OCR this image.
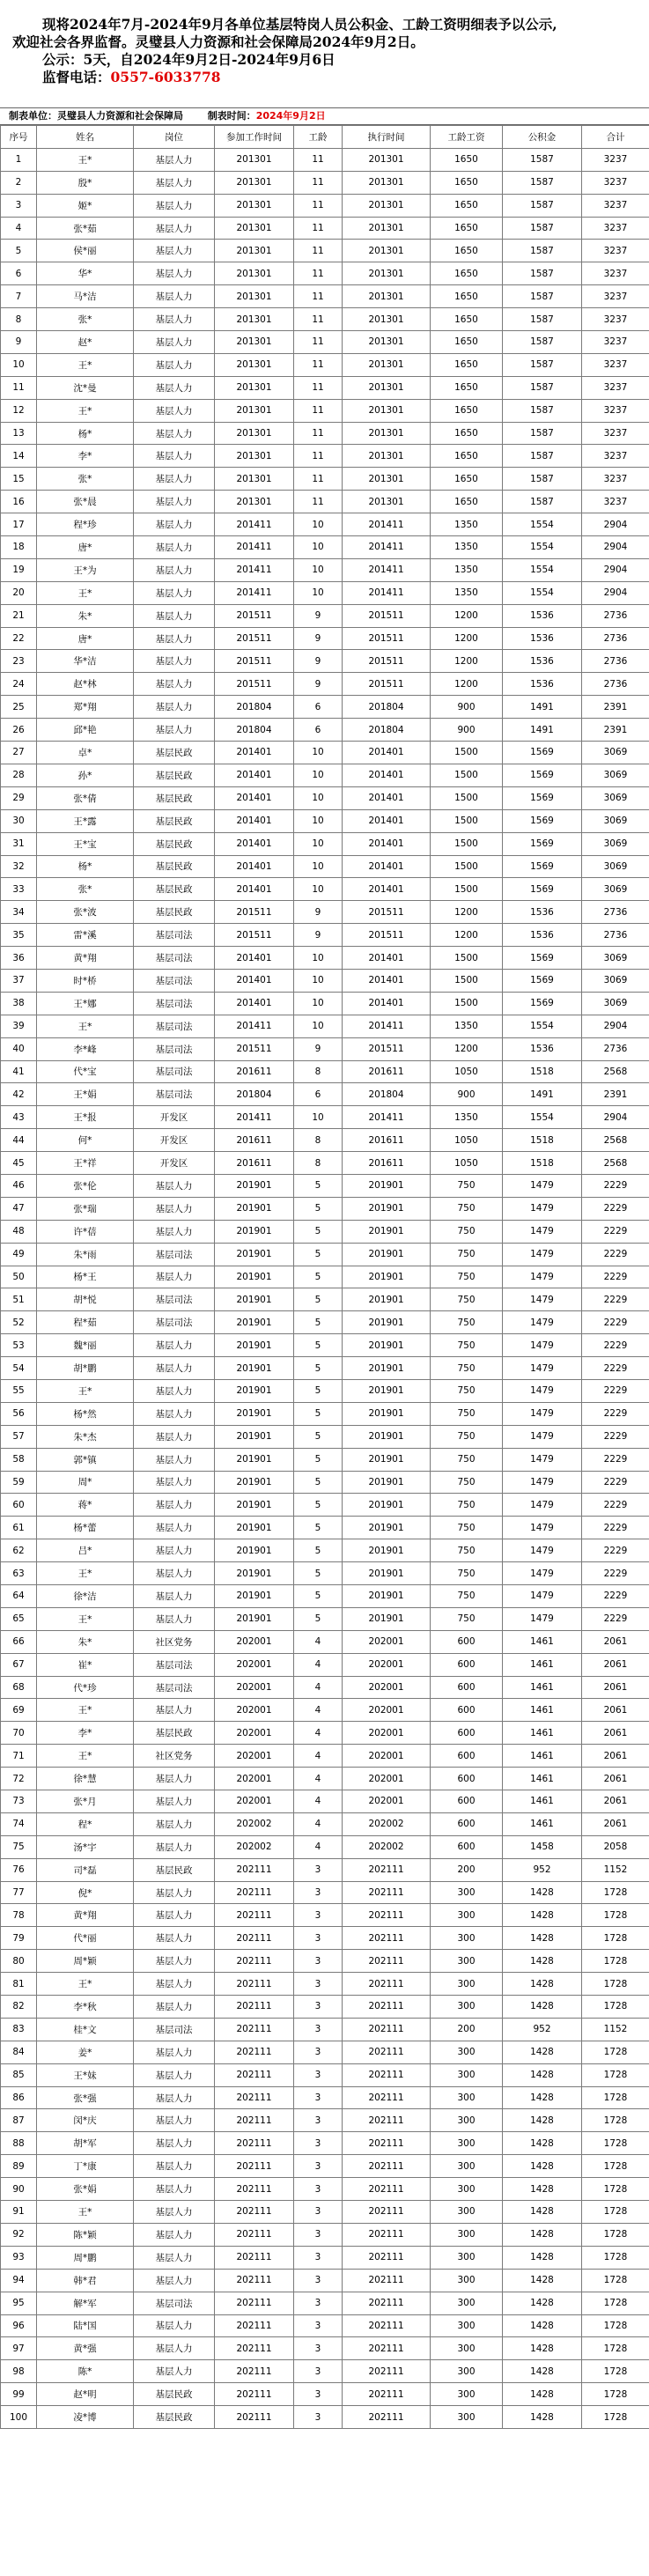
现将2024年7月-2024年9月各单位基层特岗人员公积金、工龄工资明细表予以公示,
欢迎社会各界监督。灵璧县人力资源和社会保障局2024年9月2日。
公示：5天，自2024年9月2日-2024年9月6日
监督电话：0557-6033778
制表单位：灵璧县人力资源和社会保障局	制表时间：2024年9月2日
序号	姓名	岗位	参加工作时间	工龄	执行时间	工龄工资	公积金	合计
1	王*	基层人力	201301	11	201301	1650	1587	3237
2	殷*	基层人力	201301	11	201301	1650	1587	3237
3	姬*	基层人力	201301	11	201301	1650	1587	3237
4	张*茹	基层人力	201301	11	201301	1650	1587	3237
5	侯*丽	基层人力	201301	11	201301	1650	1587	3237
6	华*	基层人力	201301	11	201301	1650	1587	3237
7	马*洁	基层人力	201301	11	201301	1650	1587	3237
8	张*	基层人力	201301	11	201301	1650	1587	3237
9	赵*	基层人力	201301	11	201301	1650	1587	3237
10	王*	基层人力	201301	11	201301	1650	1587	3237
11	沈*曼	基层人力	201301	11	201301	1650	1587	3237
12	王*	基层人力	201301	11	201301	1650	1587	3237
13	杨*	基层人力	201301	11	201301	1650	1587	3237
14	李*	基层人力	201301	11	201301	1650	1587	3237
15	张*	基层人力	201301	11	201301	1650	1587	3237
16	张*晨	基层人力	201301	11	201301	1650	1587	3237
17	程*珍	基层人力	201411	10	201411	1350	1554	2904
18	唐*	基层人力	201411	10	201411	1350	1554	2904
19	王*为	基层人力	201411	10	201411	1350	1554	2904
20	王*	基层人力	201411	10	201411	1350	1554	2904
21	朱*	基层人力	201511	9	201511	1200	1536	2736
22	唐*	基层人力	201511	9	201511	1200	1536	2736
23	华*洁	基层人力	201511	9	201511	1200	1536	2736
24	赵*林	基层人力	201511	9	201511	1200	1536	2736
25	郑*翔	基层人力	201804	6	201804	900	1491	2391
26	邱*艳	基层人力	201804	6	201804	900	1491	2391
27	卓*	基层民政	201401	10	201401	1500	1569	3069
28	孙*	基层民政	201401	10	201401	1500	1569	3069
29	张*倩	基层民政	201401	10	201401	1500	1569	3069
30	王*露	基层民政	201401	10	201401	1500	1569	3069
31	王*宝	基层民政	201401	10	201401	1500	1569	3069
32	杨*	基层民政	201401	10	201401	1500	1569	3069
33	张*	基层民政	201401	10	201401	1500	1569	3069
34	张*波	基层民政	201511	9	201511	1200	1536	2736
35	雷*溪	基层司法	201511	9	201511	1200	1536	2736
36	黄*翔	基层司法	201401	10	201401	1500	1569	3069
37	时*桥	基层司法	201401	10	201401	1500	1569	3069
38	王*娜	基层司法	201401	10	201401	1500	1569	3069
39	王*	基层司法	201411	10	201411	1350	1554	2904
40	李*峰	基层司法	201511	9	201511	1200	1536	2736
41	代*宝	基层司法	201611	8	201611	1050	1518	2568
42	王*娟	基层司法	201804	6	201804	900	1491	2391
43	王*报	开发区	201411	10	201411	1350	1554	2904
44	何*	开发区	201611	8	201611	1050	1518	2568
45	王*祥	开发区	201611	8	201611	1050	1518	2568
46	张*伦	基层人力	201901	5	201901	750	1479	2229
47	张*瑞	基层人力	201901	5	201901	750	1479	2229
48	许*蓓	基层人力	201901	5	201901	750	1479	2229
49	朱*雨	基层司法	201901	5	201901	750	1479	2229
50	杨*王	基层人力	201901	5	201901	750	1479	2229
51	胡*悦	基层司法	201901	5	201901	750	1479	2229
52	程*茹	基层司法	201901	5	201901	750	1479	2229
53	魏*丽	基层人力	201901	5	201901	750	1479	2229
54	胡*鹏	基层人力	201901	5	201901	750	1479	2229
55	王*	基层人力	201901	5	201901	750	1479	2229
56	杨*然	基层人力	201901	5	201901	750	1479	2229
57	朱*杰	基层人力	201901	5	201901	750	1479	2229
58	郭*镇	基层人力	201901	5	201901	750	1479	2229
59	周*	基层人力	201901	5	201901	750	1479	2229
60	蒋*	基层人力	201901	5	201901	750	1479	2229
61	杨*蕾	基层人力	201901	5	201901	750	1479	2229
62	吕*	基层人力	201901	5	201901	750	1479	2229
63	王*	基层人力	201901	5	201901	750	1479	2229
64	徐*洁	基层人力	201901	5	201901	750	1479	2229
65	王*	基层人力	201901	5	201901	750	1479	2229
66	朱*	社区党务	202001	4	202001	600	1461	2061
67	崔*	基层司法	202001	4	202001	600	1461	2061
68	代*珍	基层司法	202001	4	202001	600	1461	2061
69	王*	基层人力	202001	4	202001	600	1461	2061
70	李*	基层民政	202001	4	202001	600	1461	2061
71	王*	社区党务	202001	4	202001	600	1461	2061
72	徐*慧	基层人力	202001	4	202001	600	1461	2061
73	张*月	基层人力	202001	4	202001	600	1461	2061
74	程*	基层人力	202002	4	202002	600	1461	2061
75	汤*宇	基层人力	202002	4	202002	600	1458	2058
76	司*磊	基层民政	202111	3	202111	200	952	1152
77	倪*	基层人力	202111	3	202111	300	1428	1728
78	黄*翔	基层人力	202111	3	202111	300	1428	1728
79	代*丽	基层人力	202111	3	202111	300	1428	1728
80	周*颖	基层人力	202111	3	202111	300	1428	1728
81	王*	基层人力	202111	3	202111	300	1428	1728
82	李*秋	基层人力	202111	3	202111	300	1428	1728
83	桂*文	基层司法	202111	3	202111	200	952	1152
84	姜*	基层人力	202111	3	202111	300	1428	1728
85	王*妹	基层人力	202111	3	202111	300	1428	1728
86	张*强	基层人力	202111	3	202111	300	1428	1728
87	闵*庆	基层人力	202111	3	202111	300	1428	1728
88	胡*军	基层人力	202111	3	202111	300	1428	1728
89	丁*康	基层人力	202111	3	202111	300	1428	1728
90	张*娟	基层人力	202111	3	202111	300	1428	1728
91	王*	基层人力	202111	3	202111	300	1428	1728
92	陈*颖	基层人力	202111	3	202111	300	1428	1728
93	周*鹏	基层人力	202111	3	202111	300	1428	1728
94	韩*君	基层人力	202111	3	202111	300	1428	1728
95	解*军	基层司法	202111	3	202111	300	1428	1728
96	陆*国	基层人力	202111	3	202111	300	1428	1728
97	黄*强	基层人力	202111	3	202111	300	1428	1728
98	陈*	基层人力	202111	3	202111	300	1428	1728
99	赵*明	基层民政	202111	3	202111	300	1428	1728
100	凌*博	基层民政	202111	3	202111	300	1428	1728
